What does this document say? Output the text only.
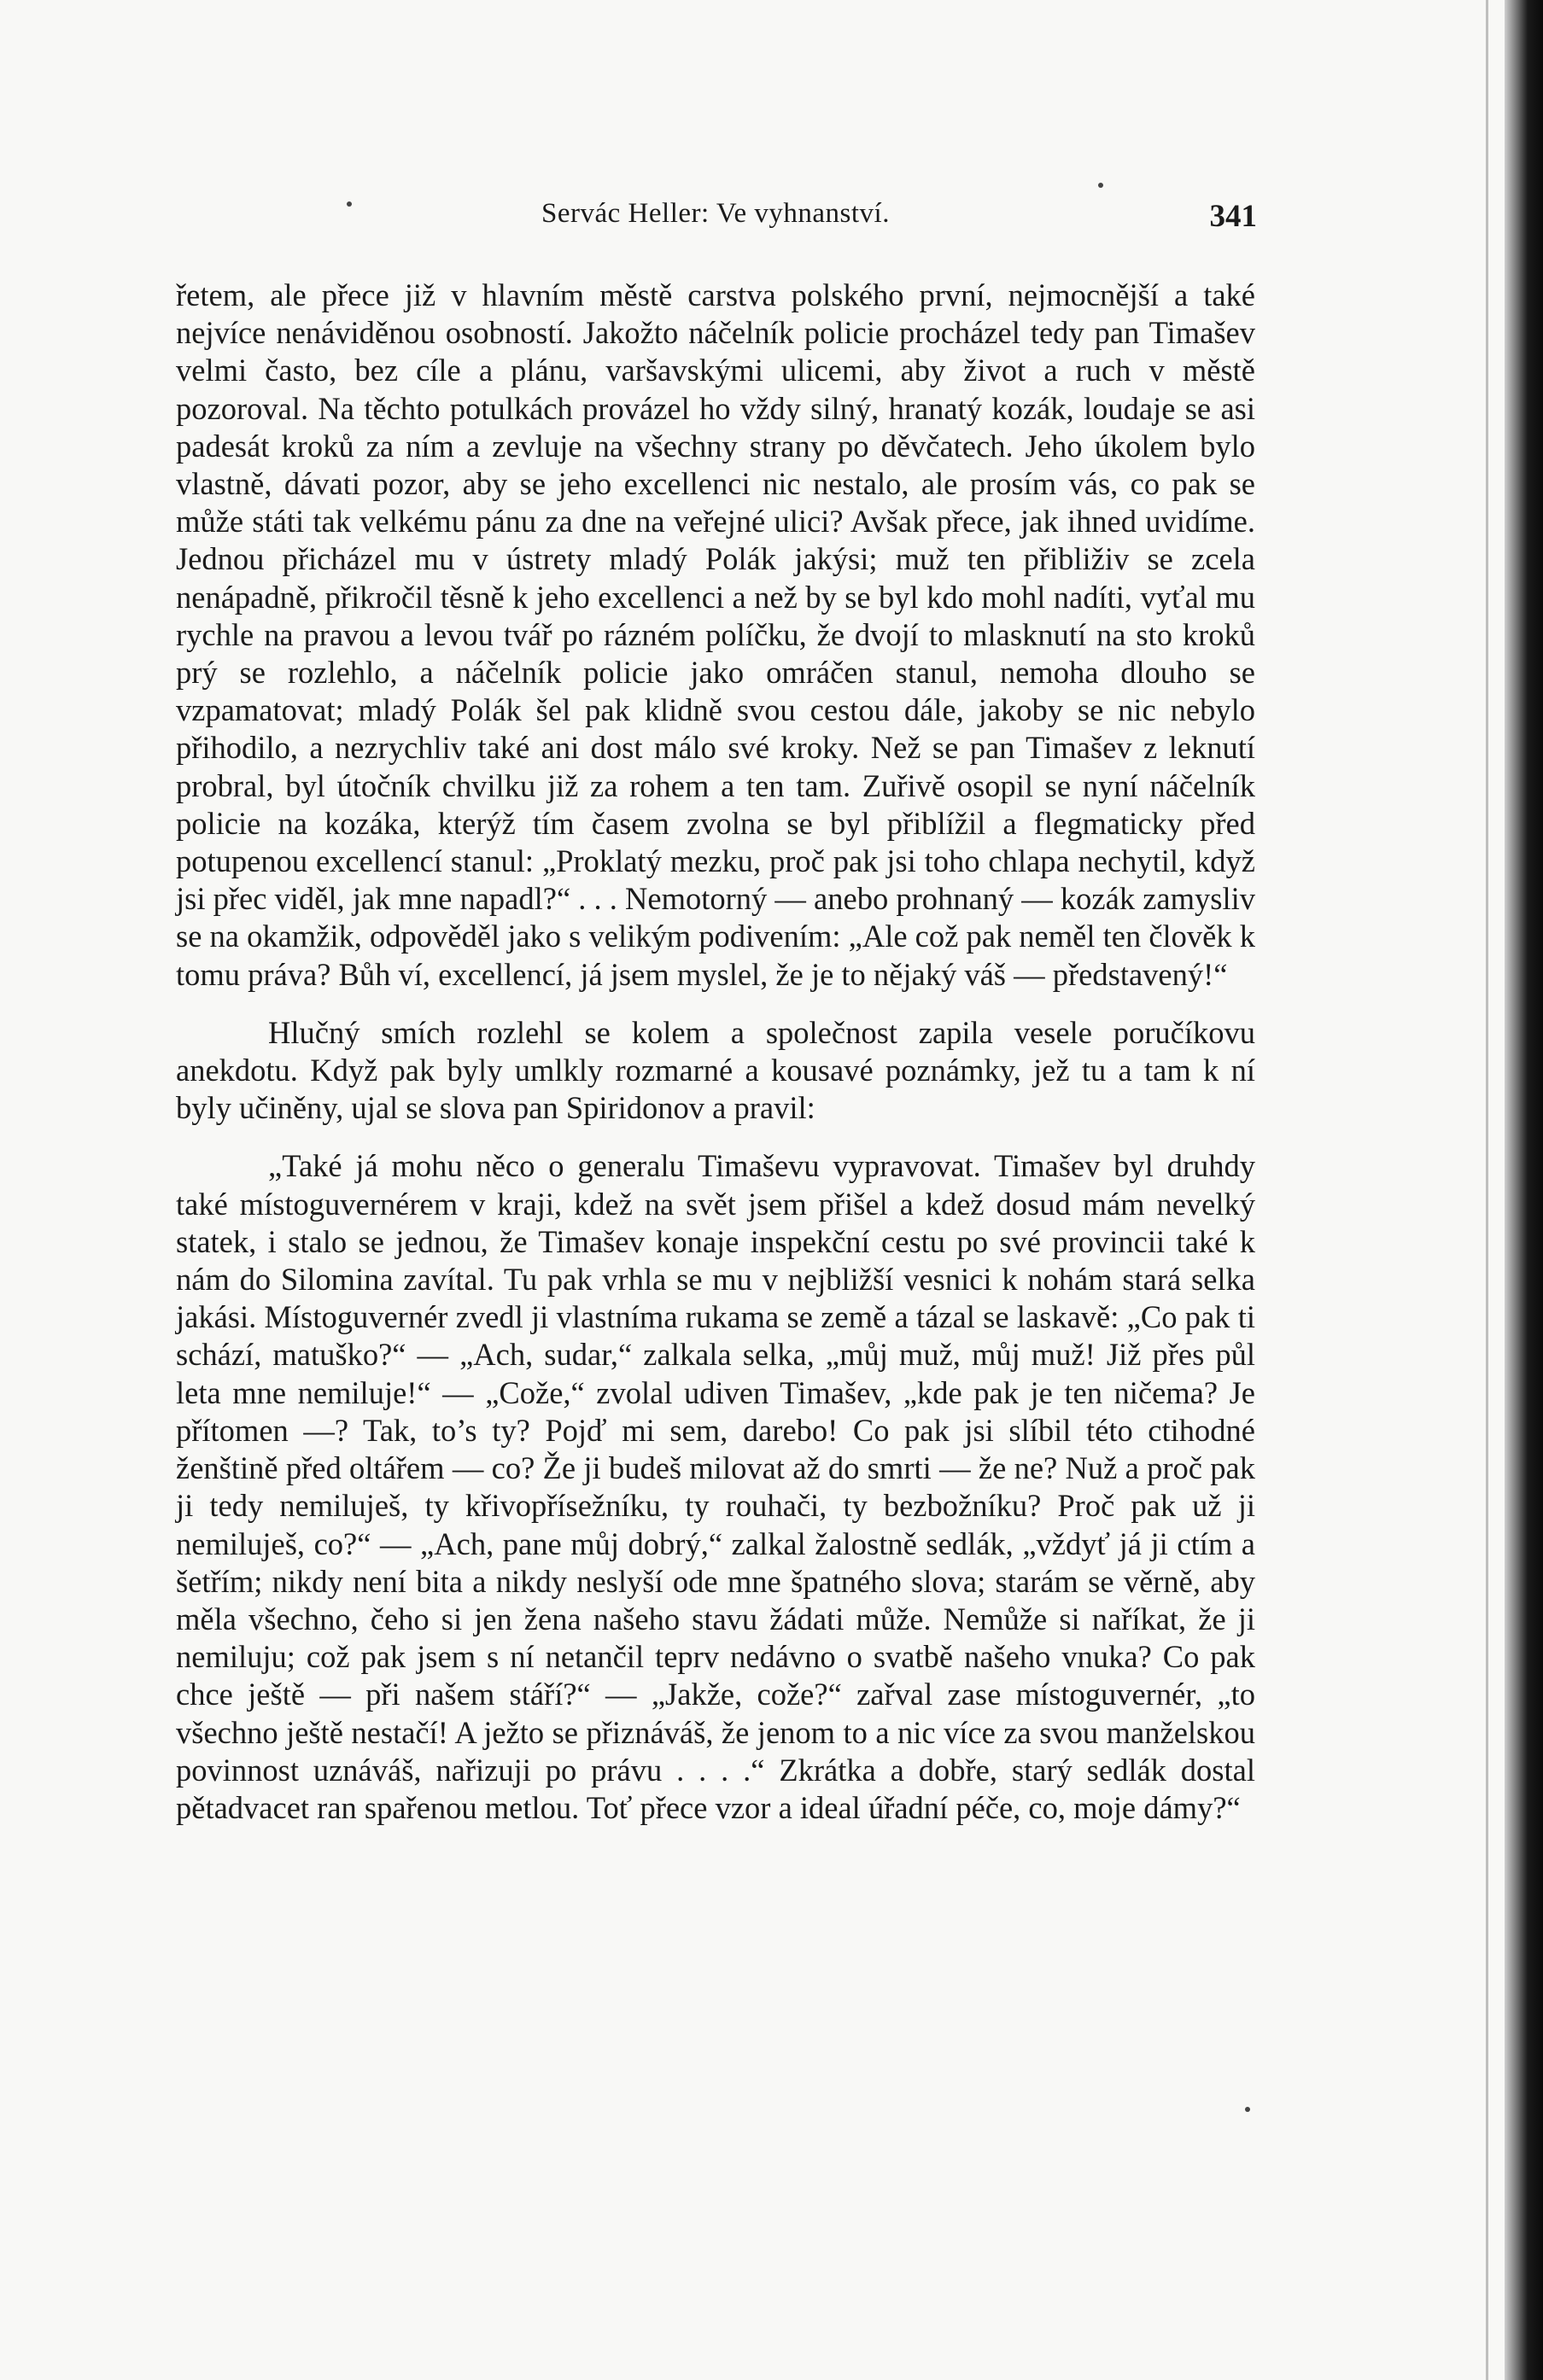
Servác Heller: Ve vyhnanství.	341

řetem, ale přece již v hlavním městě carstva polského první, nejmocnější a také nejvíce nenáviděnou osobností. Jakožto náčelník policie procházel tedy pan Timašev velmi často, bez cíle a plánu, varšavskými ulicemi, aby život a ruch v městě pozoroval. Na těchto potulkách provázel ho vždy silný, hranatý kozák, loudaje se asi padesát kroků za ním a zevluje na všechny strany po děvčatech. Jeho úkolem bylo vlastně, dávati pozor, aby se jeho excellenci nic nestalo, ale prosím vás, co pak se může státi tak velkému pánu za dne na veřejné ulici? Avšak přece, jak ihned uvidíme. Jednou přicházel mu v ústrety mladý Polák jakýsi; muž ten přibliživ se zcela nenápadně, přikročil těsně k jeho excellenci a než by se byl kdo mohl nadíti, vyťal mu rychle na pravou a levou tvář po rázném políčku, že dvojí to mlasknutí na sto kroků prý se rozlehlo, a náčelník policie jako omráčen stanul, nemoha dlouho se vzpamatovat; mladý Polák šel pak klidně svou cestou dále, jakoby se nic nebylo přihodilo, a nezrychliv také ani dost málo své kroky. Než se pan Timašev z leknutí probral, byl útočník chvilku již za rohem a ten tam. Zuřivě osopil se nyní náčelník policie na kozáka, kterýž tím časem zvolna se byl přiblížil a flegmaticky před potupenou excellencí stanul: „Proklatý mezku, proč pak jsi toho chlapa nechytil, když jsi přec viděl, jak mne napadl?“ . . . Nemotorný — anebo prohnaný — kozák zamysliv se na okamžik, odpověděl jako s velikým podivením: „Ale což pak neměl ten člověk k tomu práva? Bůh ví, excellencí, já jsem myslel, že je to nějaký váš — představený!“

Hlučný smích rozlehl se kolem a společnost zapila vesele poručíkovu anekdotu. Když pak byly umlkly rozmarné a kousavé poznámky, jež tu a tam k ní byly učiněny, ujal se slova pan Spiridonov a pravil:

„Také já mohu něco o generalu Timaševu vypravovat. Timašev byl druhdy také místoguvernérem v kraji, kdež na svět jsem přišel a kdež dosud mám nevelký statek, i stalo se jednou, že Timašev konaje inspekční cestu po své provincii také k nám do Silomina zavítal. Tu pak vrhla se mu v nejbližší vesnici k nohám stará selka jakási. Místoguvernér zvedl ji vlastníma rukama se země a tázal se laskavě: „Co pak ti schází, matuško?“ — „Ach, sudar,“ zalkala selka, „můj muž, můj muž! Již přes půl leta mne nemiluje!“ — „Cože,“ zvolal udiven Timašev, „kde pak je ten ničema? Je přítomen —? Tak, to’s ty? Pojď mi sem, darebo! Co pak jsi slíbil této ctihodné ženštině před oltářem — co? Že ji budeš milovat až do smrti — že ne? Nuž a proč pak ji tedy nemiluješ, ty křivopřísežníku, ty rouhači, ty bezbožníku? Proč pak už ji nemiluješ, co?“ — „Ach, pane můj dobrý,“ zalkal žalostně sedlák, „vždyť já ji ctím a šetřím; nikdy není bita a nikdy neslyší ode mne špatného slova; starám se věrně, aby měla všechno, čeho si jen žena našeho stavu žádati může. Nemůže si naříkat, že ji nemiluju; což pak jsem s ní netančil teprv nedávno o svatbě našeho vnuka? Co pak chce ještě — při našem stáří?“ — „Jakže, cože?“ zařval zase místoguvernér, „to všechno ještě nestačí! A ježto se přiznáváš, že jenom to a nic více za svou manželskou povinnost uznáváš, nařizuji po právu . . . .“ Zkrátka a dobře, starý sedlák dostal pětadvacet ran spařenou metlou. Toť přece vzor a ideal úřadní péče, co, moje dámy?“
